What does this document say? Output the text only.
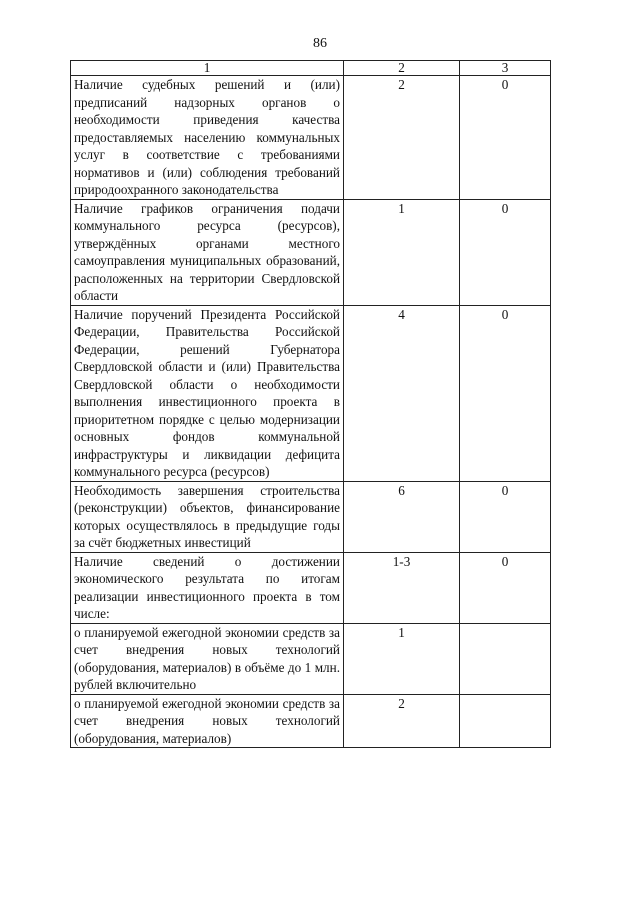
86
1	2	3
Наличие судебных решений и (или) предписаний надзорных органов о необходимости приведения качества предоставляемых населению коммунальных услуг в соответствие с требованиями нормативов и (или) соблюдения требований природоохранного законодательства	2	0
Наличие графиков ограничения подачи коммунального ресурса (ресурсов), утверждённых органами местного самоуправления муниципальных образований, расположенных на территории Свердловской области	1	0
Наличие поручений Президента Российской Федерации, Правительства Российской Федерации, решений Губернатора Свердловской области и (или) Правительства Свердловской области о необходимости выполнения инвестиционного проекта в приоритетном порядке с целью модернизации основных фондов коммунальной инфраструктуры и ликвидации дефицита коммунального ресурса (ресурсов)	4	0
Необходимость завершения строительства (реконструкции) объектов, финансирование которых осуществлялось в предыдущие годы за счёт бюджетных инвестиций	6	0
Наличие сведений о достижении экономического результата по итогам реализации инвестиционного проекта в том числе:	1-3	0
о планируемой ежегодной экономии средств за счет внедрения новых технологий (оборудования, материалов) в объёме до 1 млн. рублей включительно	1	
о планируемой ежегодной экономии средств за счет внедрения новых технологий (оборудования, материалов)	2	
